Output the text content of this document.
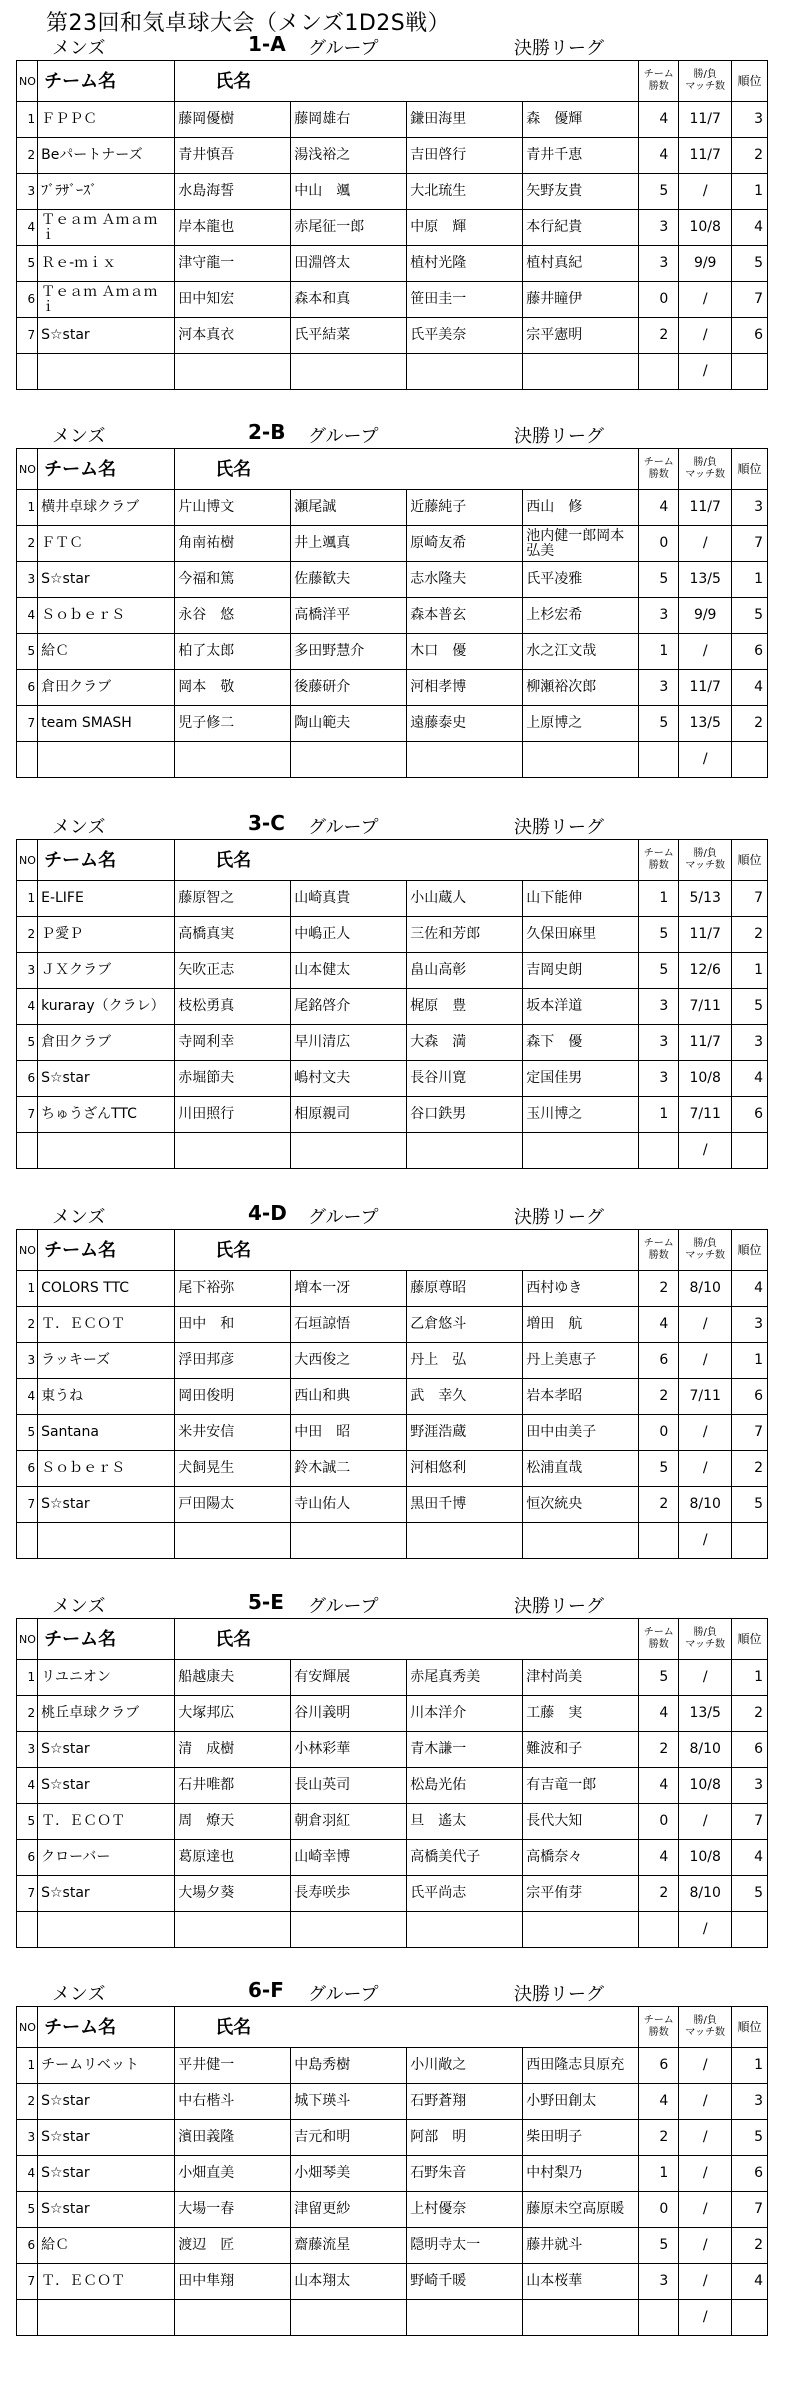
第23回和気卓球大会（メンズ1D2S戦）
メンズ	1-A グループ	決勝リーグ
NO	チーム名	氏名				チーム
勝数	勝/負
マッチ数	順位
1	ＦＰＰＣ	藤岡優樹	藤岡雄右	鎌田海里	森　優輝	4	11/7	3
2	Beパートナーズ	青井慎吾	湯浅裕之	吉田啓行	青井千恵	4	11/7	2
3	ﾌﾞﾗｻﾞｰｽﾞ	水島海誓	中山　颯	大北琉生	矢野友貴	5	/	1
4	Ｔｅａｍ Ａｍａｍｉ	岸本龍也	赤尾征一郎	中原　輝	本行紀貴	3	10/8	4
5	Ｒｅ-ｍｉｘ	津守龍一	田淵啓太	植村光隆	植村真紀	3	9/9	5
6	Ｔｅａｍ Ａｍａｍｉ	田中知宏	森本和真	笹田圭一	藤井瞳伊	0	/	7
7	S☆star	河本真衣	氏平結菜	氏平美奈	宗平憲明	2	/	6
							/	
メンズ	2-B グループ	決勝リーグ
NO	チーム名	氏名				チーム
勝数	勝/負
マッチ数	順位
1	横井卓球クラブ	片山博文	瀬尾誠	近藤純子	西山　修	4	11/7	3
2	ＦＴＣ	角南祐樹	井上颯真	原崎友希	池内健一郎岡本弘美	0	/	7
3	S☆star	今福和篤	佐藤歓夫	志水隆夫	氏平凌雅	5	13/5	1
4	ＳｏｂｅｒＳ	永谷　悠	高橋洋平	森本普玄	上杉宏希	3	9/9	5
5	給Ｃ	柏了太郎	多田野慧介	木口　優	水之江文哉	1	/	6
6	倉田クラブ	岡本　敬	後藤研介	河相孝博	柳瀬裕次郎	3	11/7	4
7	team SMASH	児子修二	陶山範夫	遠藤泰史	上原博之	5	13/5	2
							/	
メンズ	3-C グループ	決勝リーグ
NO	チーム名	氏名				チーム
勝数	勝/負
マッチ数	順位
1	E-LIFE	藤原智之	山崎真貴	小山蔵人	山下能伸	1	5/13	7
2	Ｐ愛Ｐ	高橋真実	中嶋正人	三佐和芳郎	久保田麻里	5	11/7	2
3	ＪＸクラブ	矢吹正志	山本健太	畠山高彰	吉岡史朗	5	12/6	1
4	kuraray（クラレ）	枝松勇真	尾銘啓介	梶原　豊	坂本洋道	3	7/11	5
5	倉田クラブ	寺岡利幸	早川清広	大森　満	森下　優	3	11/7	3
6	S☆star	赤堀節夫	嶋村文夫	長谷川寛	定国佳男	3	10/8	4
7	ちゅうざんTTC	川田照行	相原親司	谷口鉄男	玉川博之	1	7/11	6
							/	
メンズ	4-D グループ	決勝リーグ
NO	チーム名	氏名				チーム
勝数	勝/負
マッチ数	順位
1	COLORS TTC	尾下裕弥	増本一冴	藤原尊昭	西村ゆき	2	8/10	4
2	Ｔ．ＥＣＯＴ	田中　和	石垣諒悟	乙倉悠斗	増田　航	4	/	3
3	ラッキーズ	浮田邦彦	大西俊之	丹上　弘	丹上美恵子	6	/	1
4	東うね	岡田俊明	西山和典	武　幸久	岩本孝昭	2	7/11	6
5	Santana	米井安信	中田　昭	野涯浩蔵	田中由美子	0	/	7
6	ＳｏｂｅｒＳ	犬飼晃生	鈴木誠二	河相悠利	松浦直哉	5	/	2
7	S☆star	戸田陽太	寺山佑人	黒田千博	恒次統央	2	8/10	5
							/	
メンズ	5-E グループ	決勝リーグ
NO	チーム名	氏名				チーム
勝数	勝/負
マッチ数	順位
1	リユニオン	船越康夫	有安輝展	赤尾真秀美	津村尚美	5	/	1
2	桃丘卓球クラブ	大塚邦広	谷川義明	川本洋介	工藤　実	4	13/5	2
3	S☆star	清　成樹	小林彩華	青木謙一	難波和子	2	8/10	6
4	S☆star	石井唯都	長山英司	松島光佑	有吉竜一郎	4	10/8	3
5	Ｔ．ＥＣＯＴ	周　燎天	朝倉羽紅	旦　遙太	長代大知	0	/	7
6	クローバー	葛原達也	山崎幸博	高橋美代子	高橋奈々	4	10/8	4
7	S☆star	大場夕葵	長寿咲歩	氏平尚志	宗平侑芽	2	8/10	5
							/	
メンズ	6-F グループ	決勝リーグ
NO	チーム名	氏名				チーム
勝数	勝/負
マッチ数	順位
1	チームリベット	平井健一	中島秀樹	小川敞之	西田隆志貝原充	6	/	1
2	S☆star	中右楷斗	城下瑛斗	石野蒼翔	小野田創太	4	/	3
3	S☆star	濱田義隆	吉元和明	阿部　明	柴田明子	2	/	5
4	S☆star	小畑直美	小畑琴美	石野朱音	中村梨乃	1	/	6
5	S☆star	大場一春	津留更紗	上村優奈	藤原未空高原暖	0	/	7
6	給Ｃ	渡辺　匠	齋藤流星	隠明寺太一	藤井就斗	5	/	2
7	Ｔ．ＥＣＯＴ	田中隼翔	山本翔太	野崎千暖	山本桜華	3	/	4
							/	
